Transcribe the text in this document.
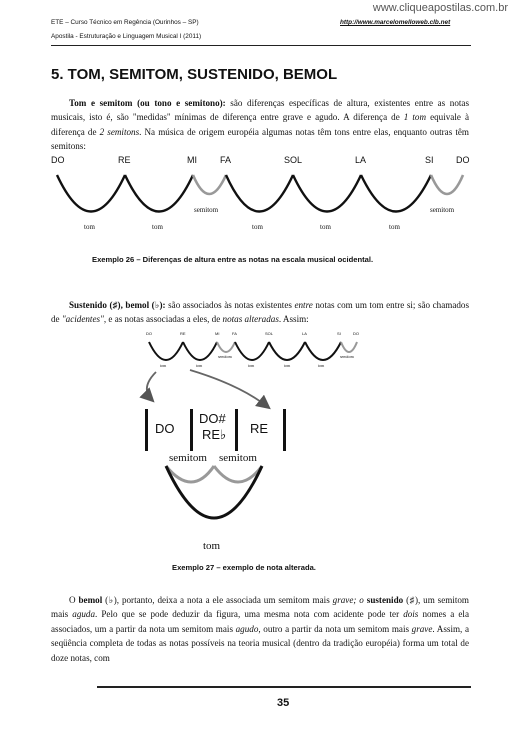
www.cliqueapostilas.com.br
ETE – Curso Técnico em Regência (Ourinhos – SP)	http://www.marcelomelloweb.clb.net
Apostila - Estruturação e Linguagem Musical I (2011)
5. TOM, SEMITOM, SUSTENIDO, BEMOL
Tom e semitom (ou tono e semitono): são diferenças específicas de altura, existentes entre as notas musicais, isto é, são "medidas" mínimas de diferença entre grave e agudo. A diferença de 1 tom equivale à diferença de 2 semitons. Na música de origem européia algumas notas têm tons entre elas, enquanto outras têm semitons:
DO	RE	MI	FA	SOL	LA	SI DO
tom	tom
semitom
tom	tom	tom
semitom
Exemplo 26 – Diferenças de altura entre as notas na escala musical ocidental.
Sustenido (♯), bemol (♭): são associados às notas existentes entre notas com um tom entre si; são chamados de "acidentes", e as notas associadas a eles, de notas alteradas. Assim:
DO	RE	MI	FA	SOL	LA	SI	DO
tom	tom
semitom
tom	tom	tom
semitom
DO
DO#
RE♭ RE
semitom semitom
tom
Exemplo 27 – exemplo de nota alterada.
O bemol (♭), portanto, deixa a nota a ele associada um semitom mais grave; o sustenido (♯), um semitom mais aguda. Pelo que se pode deduzir da figura, uma mesma nota com acidente pode ter dois nomes a ela associados, um a partir da nota um semitom mais agudo, outro a partir da nota um semitom mais grave. Assim, a seqüência completa de todas as notas possíveis na teoria musical (dentro da tradição européia) forma um total de doze notas, com
35
